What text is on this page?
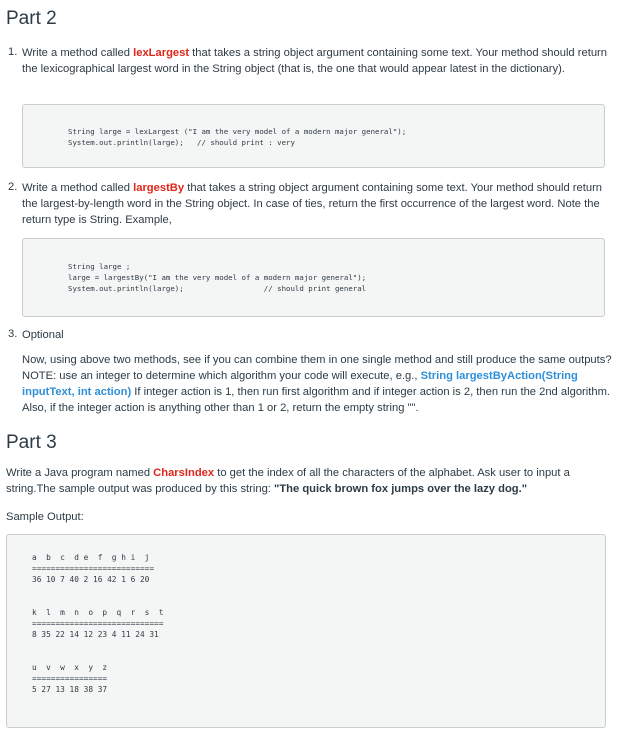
Part 2
1. Write a method called lexLargest that takes a string object argument containing some text. Your method should return the lexicographical largest word in the String object (that is, the one that would appear latest in the dictionary).
String large = lexLargest ("I am the very model of a modern major general");
System.out.println(large);   // should print : very
2. Write a method called largestBy that takes a string object argument containing some text. Your method should return the largest-by-length word in the String object. In case of ties, return the first occurrence of the largest word. Note the return type is String. Example,
String large ;
large = largestBy("I am the very model of a modern major general");
System.out.println(large);                  // should print general
3. Optional
Now, using above two methods, see if you can combine them in one single method and still produce the same outputs? NOTE: use an integer to determine which algorithm your code will execute, e.g., String largestByAction(String inputText, int action) If integer action is 1, then run first algorithm and if integer action is 2, then run the 2nd algorithm. Also, if the integer action is anything other than 1 or 2, return the empty string "".
Part 3
Write a Java program named CharsIndex to get the index of all the characters of the alphabet. Ask user to input a string.The sample output was produced by this string: "The quick brown fox jumps over the lazy dog."
Sample Output:
a  b  c  d e  f  g h i  j
==========================
36 10 7 40 2 16 42 1 6 20
k  l  m  n  o  p  q  r  s  t
============================
8 35 22 14 12 23 4 11 24 31
u  v  w  x  y  z
================
5 27 13 18 38 37
